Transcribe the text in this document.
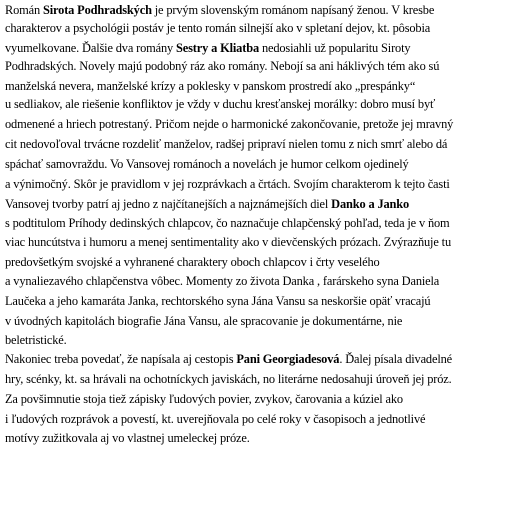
Román Sirota Podhradských je prvým slovenským románom napísaný ženou. V kresbe
charakterov a psychológii postáv je tento román silnejší ako v spletaní dejov, kt. pôsobia
vyumelkovane. Ďalšie dva romány Sestry a Kliatba nedosiahli už popularitu Siroty
Podhradských. Novely majú podobný ráz ako romány. Nebojí sa ani háklivých tém ako sú
manželská nevera, manželské krízy a poklesky v panskom prostredí ako „prespánky“
u sedliakov, ale riešenie konfliktov je vždy v duchu kresťanskej morálky: dobro musí byť
odmenené a hriech potrestaný. Pričom nejde o harmonické zakončovanie, pretože jej mravný
cit nedovoľoval trvácne rozdeliť manželov, radšej pripraví nielen tomu z nich smrť alebo dá
spáchať samovraždu. Vo Vansovej románoch a novelách je humor celkom ojedinelý
a výnimočný. Skôr je pravidlom v jej rozprávkach a črtách. Svojím charakterom k tejto časti
Vansovej tvorby patrí aj jedno z najčítanejších a najznámejších diel Danko a Janko
s podtitulom Príhody dedinských chlapcov, čo naznačuje chlapčenský pohľad, teda je v ňom
viac huncútstva i humoru a menej sentimentality ako v dievčenských prózach. Zvýrazňuje tu
predovšetkým svojské a vyhranené charaktery oboch chlapcov i črty veselého
a vynaliezavého chlapčenstva vôbec. Momenty zo života Danka , farárskeho syna Daniela
Laučeka a jeho kamaráta Janka, rechtorského syna Jána Vansu sa neskoršie opäť vracajú
v úvodných kapitolách biografie Jána Vansu, ale spracovanie je dokumentárne, nie
beletristické.
Nakoniec treba povedať, že napísala aj cestopis Pani Georgiadesová. Ďalej písala divadelné
hry, scénky, kt. sa hrávali na ochotníckych javiskách, no literárne nedosahuji úroveň jej próz.
Za povšimnutie stoja tiež zápisky ľudových povier, zvykov, čarovania a kúziel ako
i ľudových rozprávok a povestí, kt. uverejňovala po celé roky v časopisoch a jednotlivé
motívy zužitkovala aj vo vlastnej umeleckej próze.
